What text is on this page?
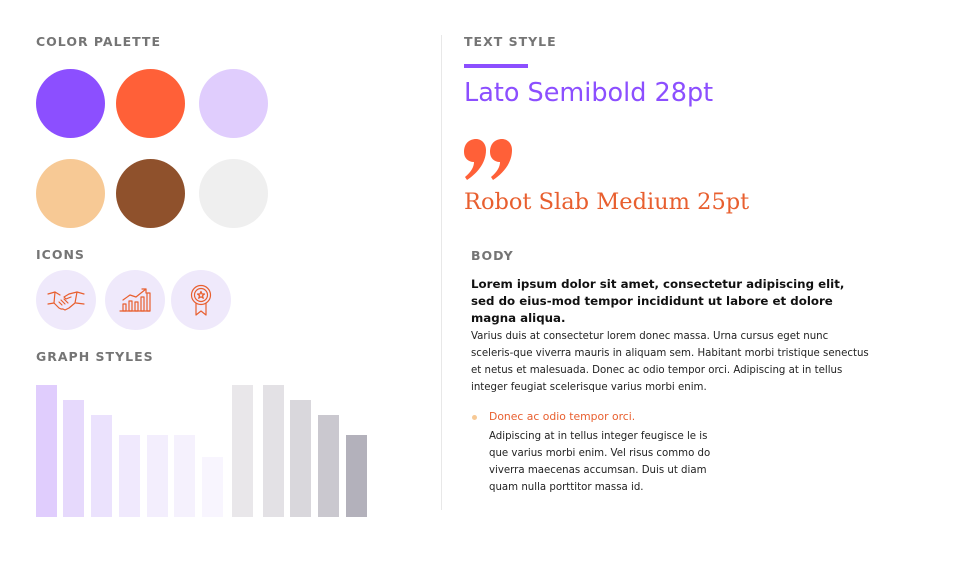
COLOR PALETTE
ICONS
GRAPH STYLES
TEXT STYLE
Lato Semibold 28pt
Robot Slab Medium 25pt
BODY
Lorem ipsum dolor sit amet, consectetur adipiscing elit, sed do eius-mod tempor incididunt ut labore et dolore magna aliqua.
Varius duis at consectetur lorem donec massa. Urna cursus eget nunc sceleris-que viverra mauris in aliquam sem. Habitant morbi tristique senectus et netus et malesuada. Donec ac odio tempor orci. Adipiscing at in tellus integer feugiat scelerisque varius morbi enim.
Donec ac odio tempor orci.
Adipiscing at in tellus integer feugisce le is que varius morbi enim. Vel risus commo do viverra maecenas accumsan. Duis ut diam quam nulla porttitor massa id.
